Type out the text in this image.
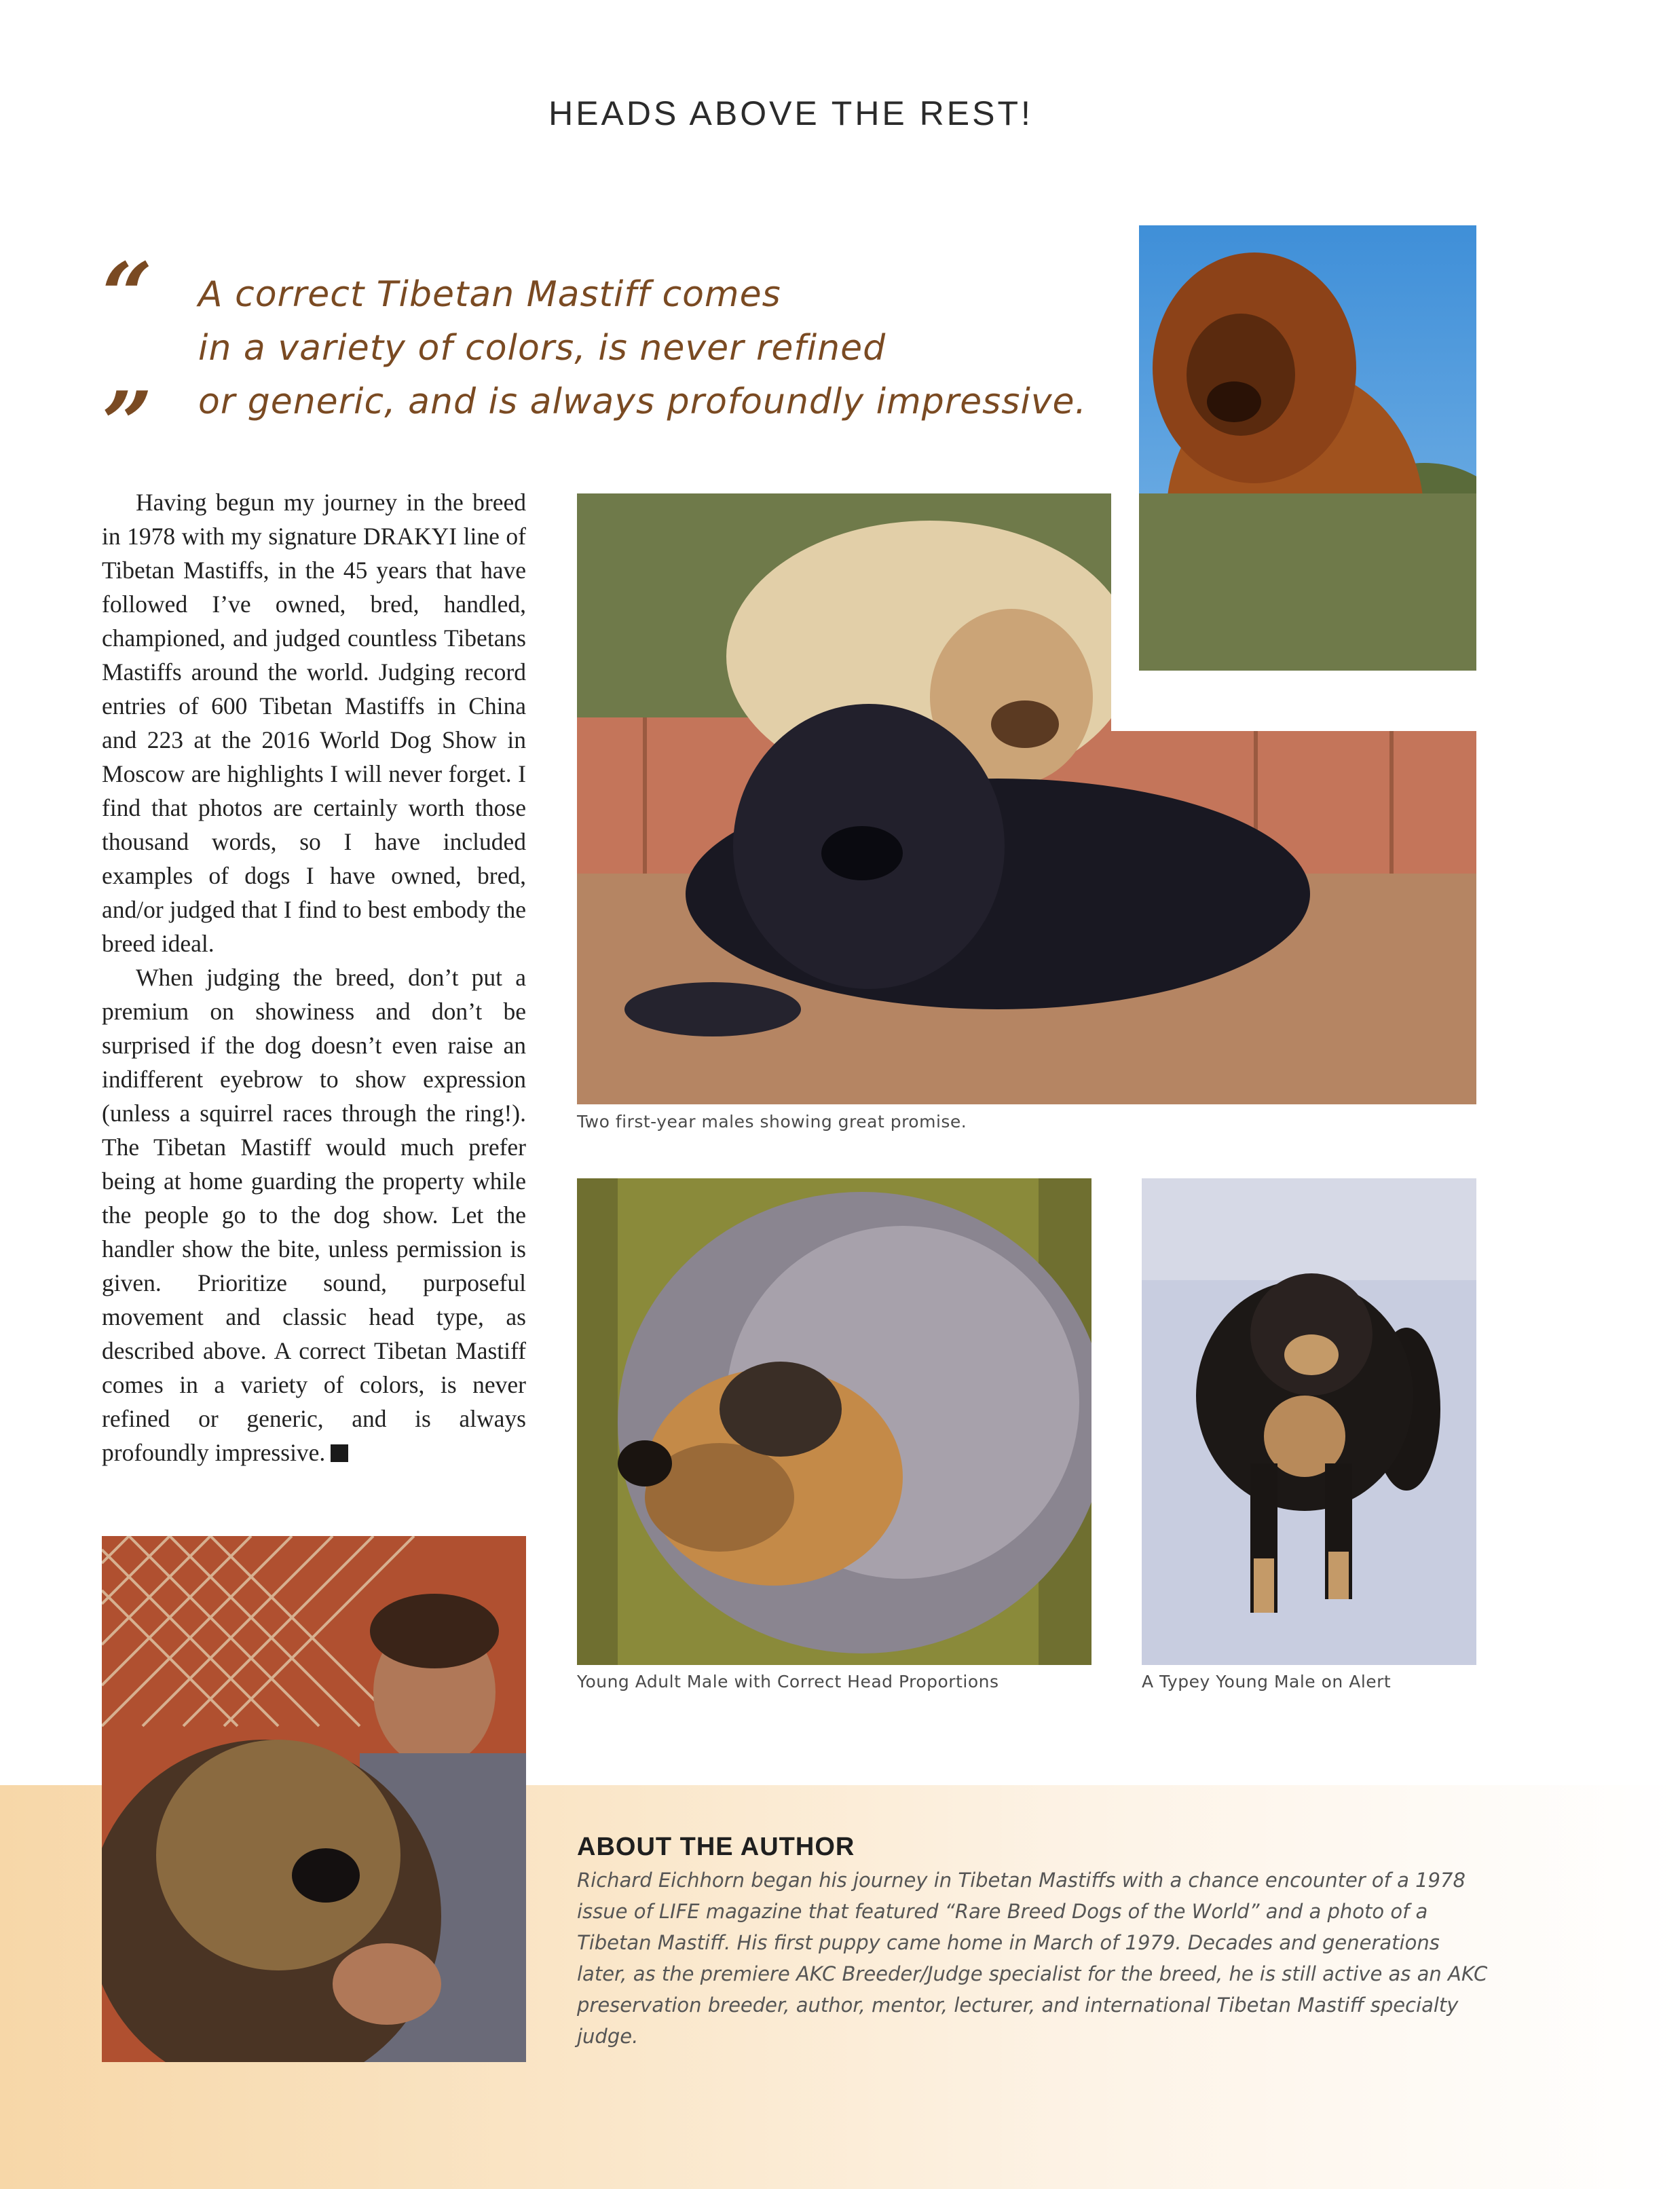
HEADS ABOVE THE REST!
“
”
A correct Tibetan Mastiff comes
in a variety of colors, is never refined
or generic, and is always profoundly impressive.

Having begun my journey in the breed in 1978 with my signature DRAKYI line of Tibetan Mastiffs, in the 45 years that have followed I’ve owned, bred, handled, championed, and judged countless Tibetans Mastiffs around the world. Judging record entries of 600 Tibetan Mastiffs in China and 223 at the 2016 World Dog Show in Moscow are highlights I will never forget. I find that photos are certainly worth those thousand words, so I have included examples of dogs I have owned, bred, and/or judged that I find to best embody the breed ideal.

When judging the breed, don’t put a premium on showiness and don’t be surprised if the dog doesn’t even raise an indifferent eyebrow to show expression (unless a squirrel races through the ring!). The Tibetan Mastiff would much prefer being at home guarding the property while the people go to the dog show. Let the handler show the bite, unless permission is given. Prioritize sound, purposeful movement and classic head type, as described above. A correct Tibetan Mastiff comes in a variety of colors, is never refined or generic, and is always profoundly impressive.

Two first-year males showing great promise.
Young Adult Male with Correct Head Proportions	A Typey Young Male on Alert
ABOUT THE AUTHOR
Richard Eichhorn began his journey in Tibetan Mastiffs with a chance encounter of a 1978 issue of LIFE magazine that featured “Rare Breed Dogs of the World” and a photo of a Tibetan Mastiff. His first puppy came home in March of 1979. Decades and generations later, as the premiere AKC Breeder/Judge specialist for the breed, he is still active as an AKC preservation breeder, author, mentor, lecturer, and international Tibetan Mastiff specialty judge.
